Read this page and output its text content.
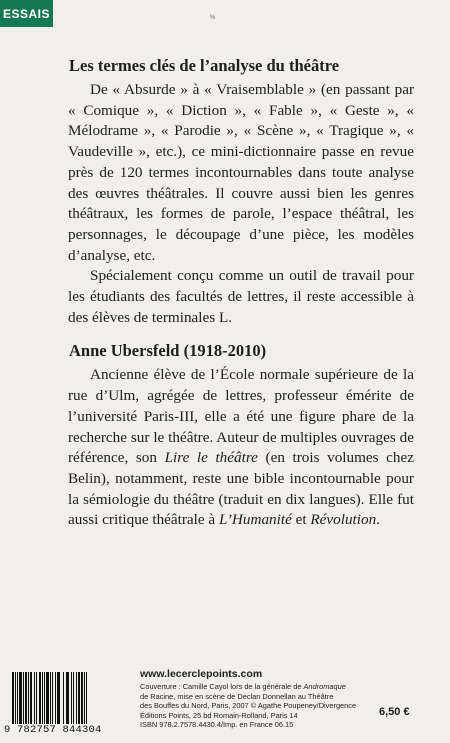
ESSAIS	%
Les termes clés de l’analyse du théâtre

De « Absurde » à « Vraisemblable » (en passant par « Comique », « Diction », « Fable », « Geste », « Mélodrame », « Parodie », « Scène », « Tragique », « Vaudeville », etc.), ce mini-dictionnaire passe en revue près de 120 termes incontournables dans toute analyse des œuvres théâtrales. Il couvre aussi bien les genres théâtraux, les formes de parole, l’espace théâtral, les personnages, le découpage d’une pièce, les modèles d’analyse, etc.

Spécialement conçu comme un outil de travail pour les étudiants des facultés de lettres, il reste accessible à des élèves de terminales L.

Anne Ubersfeld (1918-2010)

Ancienne élève de l’École normale supérieure de la rue d’Ulm, agrégée de lettres, professeur émérite de l’université Paris-III, elle a été une figure phare de la recherche sur le théâtre. Auteur de multiples ouvrages de référence, son Lire le théâtre (en trois volumes chez Belin), notamment, reste une bible incontournable pour la sémiologie du théâtre (traduit en dix langues). Elle fut aussi critique théâtrale à L’Humanité et Révolution.

9 782757 844304
www.lecerclepoints.com
Couverture : Camille Cayol lors de la générale de Andromaque
de Racine, mise en scène de Declan Donnellan au Théâtre
des Bouffes du Nord, Paris, 2007 © Agathe Poupeney/Divergence
Éditions Points, 25 bd Romain-Rolland, Paris 14
ISBN 978.2.7578.4430.4/Imp. en France 06.15
6,50 €
